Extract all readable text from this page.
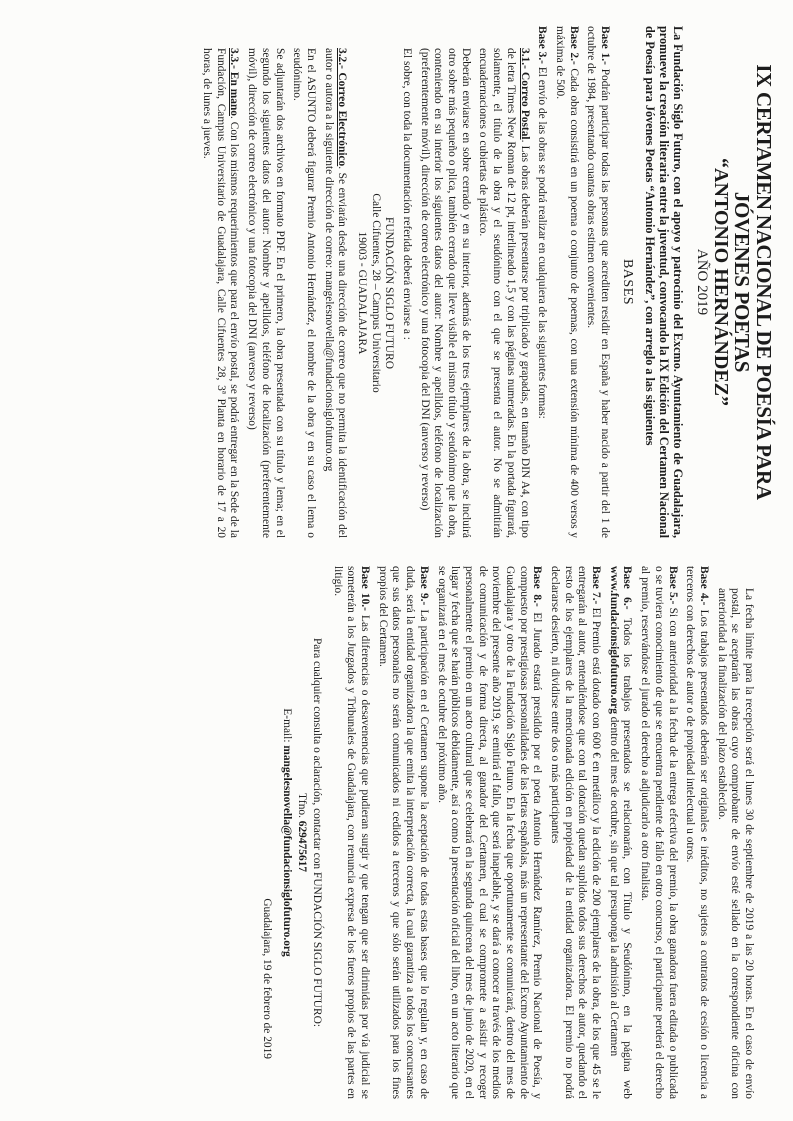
IX CERTAMEN NACIONAL DE POESÍA PARA JÓVENES POETAS
“ANTONIO HERNÁNDEZ”
AÑO 2019

La Fundación Siglo Futuro, con el apoyo y patrocinio del Excmo. Ayuntamiento de Guadalajara, promueve la creación literaria entre la juventud, convocando la IX Edición del Certamen Nacional de Poesía para Jóvenes Poetas “Antonio Hernández”, con arreglo a las siguientes

BASES

Base 1.- Podrán participar todas las personas que acrediten residir en España y haber nacido a partir del 1 de octubre de 1984, presentando cuantas obras estimen convenientes.

Base 2.- Cada obra consistirá en un poema o conjunto de poemas, con una extensión mínima de 400 versos y máxima de 500.

Base 3.- El envío de las obras se podrá realizar en cualquiera de las siguientes formas:

3.1.- Correo Postal. Las obras deberán presentarse por triplicado y grapadas, en tamaño DIN A4, con tipo de letra Times New Roman de 12 pt, interlineado 1,5 y con las páginas numeradas. En la portada figurará, solamente, el título de la obra y el seudónimo con el que se presenta el autor. No se admitirán encuadernaciones o cubiertas de plástico.

Deberán enviarse en sobre cerrado y en su interior, además de los tres ejemplares de la obra, se incluirá otro sobre más pequeño o plica, también cerrado que lleve visible el mismo título y seudónimo que la obra, conteniendo en su interior los siguientes datos del autor: Nombre y apellidos, teléfono de localización (preferentemente móvil), dirección de correo electrónico y una fotocopia del DNI (anverso y reverso)

El sobre, con toda la documentación referida deberá enviarse a :

FUNDACIÓN SIGLO FUTURO
Calle Cifuentes, 28 – Campus Universitario
19003 - GUADALAJARA

3.2.- Correo Electrónico. Se enviarán desde una dirección de correo que no permita la identificación del autor o autora a la siguiente dirección de correo: mangelesnovella@fundacionsiglofuturo.org

En el ASUNTO deberá figurar Premio Antonio Hernández, el nombre de la obra y en su caso el lema o seudónimo.

Se adjuntarán dos archivos en formato PDF. En el primero, la obra presentada con su título y lema; en el segundo los siguientes datos del autor: Nombre y apellidos, teléfono de localización (preferentemente móvil), dirección de correo electrónico y una fotocopia del DNI (anverso y reverso)

3.3.- En mano. Con los mismos requerimientos que para el envío postal, se podrá entregar en la Sede de la Fundación, Campus Universitario de Guadalajara, Calle Cifuentes 28, 3ª Planta en horario de 17 a 20 horas, de lunes a jueves.

La fecha límite para la recepción será el lunes 30 de septiembre de 2019 a las 20 horas. En el caso de envío postal, se aceptarán las obras cuyo comprobante de envío esté sellado en la correspondiente oficina con anterioridad a la finalización del plazo establecido.

Base 4.- Los trabajos presentados deberán ser originales e inéditos, no sujetos a contratos de cesión o licencia a terceros con derechos de autor o de propiedad intelectual u otros.

Base 5.- Si con anterioridad a la fecha de la entrega efectiva del premio, la obra ganadora fuera editada o publicada o se tuviera conocimiento de que se encuentra pendiente de fallo en otro concurso, el participante perderá el derecho al premio, reservándose el jurado el derecho a adjudicarlo a otro finalista.

Base 6.- Todos los trabajos presentados se relacionarán, con Título y Seudónimo, en la página web www.fundacionsiglofuturo.org dentro del mes de octubre, sin que tal presuponga la admisión al Certamen

Base 7.- El Premio está dotado con 600 € en metálico y la edición de 200 ejemplares de la obra, de los que 45 se le entregarán al autor, entendiéndose que con tal dotación quedan suplidos todos sus derechos de autor, quedando el resto de los ejemplares de la mencionada edición en propiedad de la entidad organizadora. El premio no podrá declararse desierto, ni dividirse entre dos o más participantes

Base 8.- El Jurado estará presidido por el poeta Antonio Hernández Ramírez, Premio Nacional de Poesía, y compuesto por prestigiosas personalidades de las letras españolas, más un representante del Excmo Ayuntamiento de Guadalajara y otro de la Fundación Siglo Futuro. En la fecha que oportunamente se comunicará, dentro del mes de noviembre del presente año 2019, se emitirá el fallo, que será inapelable, y se dará a conocer a través de los medios de comunicación y de forma directa, al ganador del Certamen, el cual se compromete a asistir y recoger personalmente el premio en un acto cultural que se celebrará en la segunda quincena del mes de junio de 2020, en el lugar y fecha que se harán públicos debidamente, así a como la presentación oficial del libro, en un acto literario que se organizará en el mes de octubre del próximo año.

Base 9.- La participación en el Certamen supone la aceptación de todas estas bases que lo regulan y, en caso de duda, será la entidad organizadora la que emita la interpretación correcta, la cual garantiza a todos los concursantes que sus datos personales no serán comunicados ni cedidos a terceros y que sólo serán utilizados para los fines propios del Certamen.

Base 10.- Las diferencias o desavenencias que pudieran surgir y que tengan que ser dirimidas por vía judicial se someterán a los Juzgados y Tribunales de Guadalajara, con renuncia expresa de los fueros propios de las partes en litigio.

Para cualquier consulta o aclaración, contactar con FUNDACIÓN SIGLO FUTURO:
Tfno. 629475617
E-mail: mangelesnovella@fundacionsiglofuturo.org
Guadalajara, 19 de febrero de 2019
